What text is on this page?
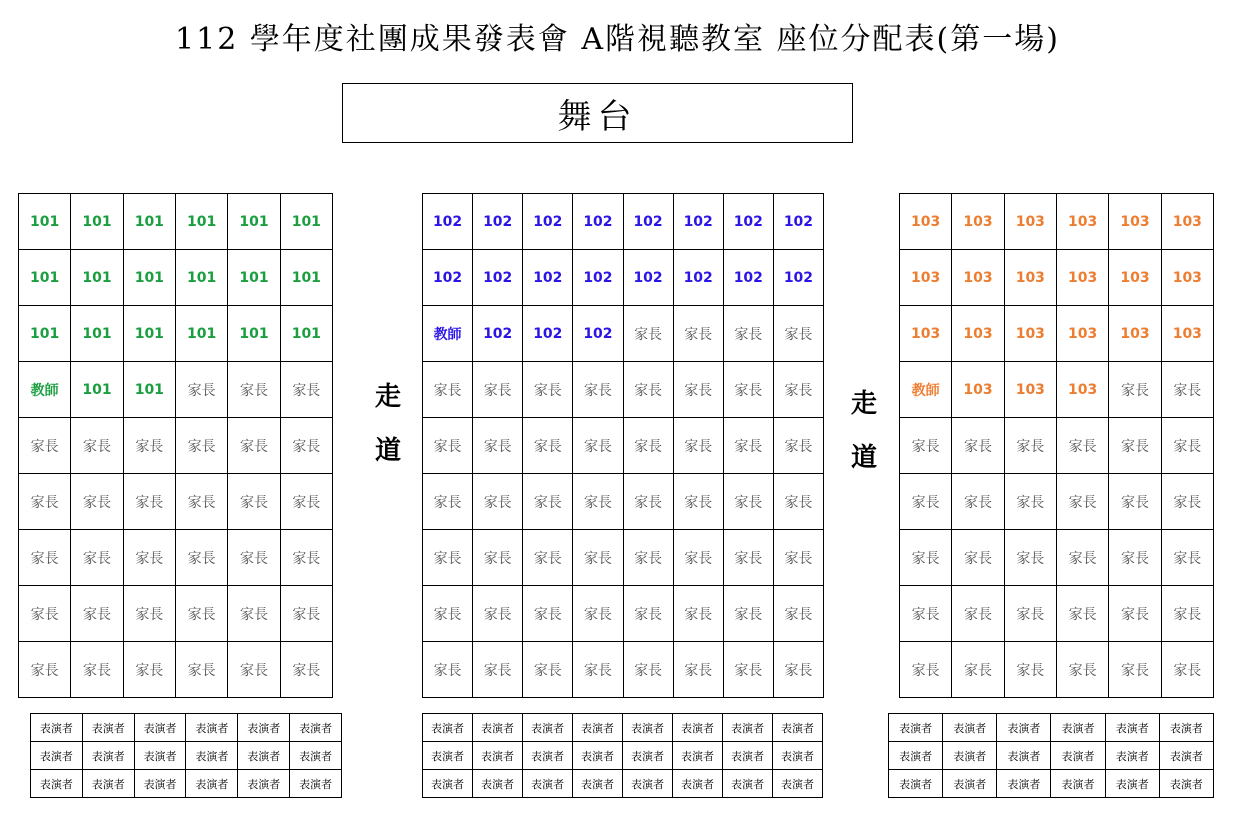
112 學年度社團成果發表會 A階視聽教室 座位分配表(第一場)
舞台
走
道
走
道
101	101	101	101	101	101
101	101	101	101	101	101
101	101	101	101	101	101
教師	101	101	家長	家長	家長
家長	家長	家長	家長	家長	家長
家長	家長	家長	家長	家長	家長
家長	家長	家長	家長	家長	家長
家長	家長	家長	家長	家長	家長
家長	家長	家長	家長	家長	家長
102	102	102	102	102	102	102	102
102	102	102	102	102	102	102	102
教師	102	102	102	家長	家長	家長	家長
家長	家長	家長	家長	家長	家長	家長	家長
家長	家長	家長	家長	家長	家長	家長	家長
家長	家長	家長	家長	家長	家長	家長	家長
家長	家長	家長	家長	家長	家長	家長	家長
家長	家長	家長	家長	家長	家長	家長	家長
家長	家長	家長	家長	家長	家長	家長	家長
103	103	103	103	103	103
103	103	103	103	103	103
103	103	103	103	103	103
教師	103	103	103	家長	家長
家長	家長	家長	家長	家長	家長
家長	家長	家長	家長	家長	家長
家長	家長	家長	家長	家長	家長
家長	家長	家長	家長	家長	家長
家長	家長	家長	家長	家長	家長
表演者	表演者	表演者	表演者	表演者	表演者
表演者	表演者	表演者	表演者	表演者	表演者
表演者	表演者	表演者	表演者	表演者	表演者
表演者	表演者	表演者	表演者	表演者	表演者	表演者	表演者
表演者	表演者	表演者	表演者	表演者	表演者	表演者	表演者
表演者	表演者	表演者	表演者	表演者	表演者	表演者	表演者
表演者	表演者	表演者	表演者	表演者	表演者
表演者	表演者	表演者	表演者	表演者	表演者
表演者	表演者	表演者	表演者	表演者	表演者
